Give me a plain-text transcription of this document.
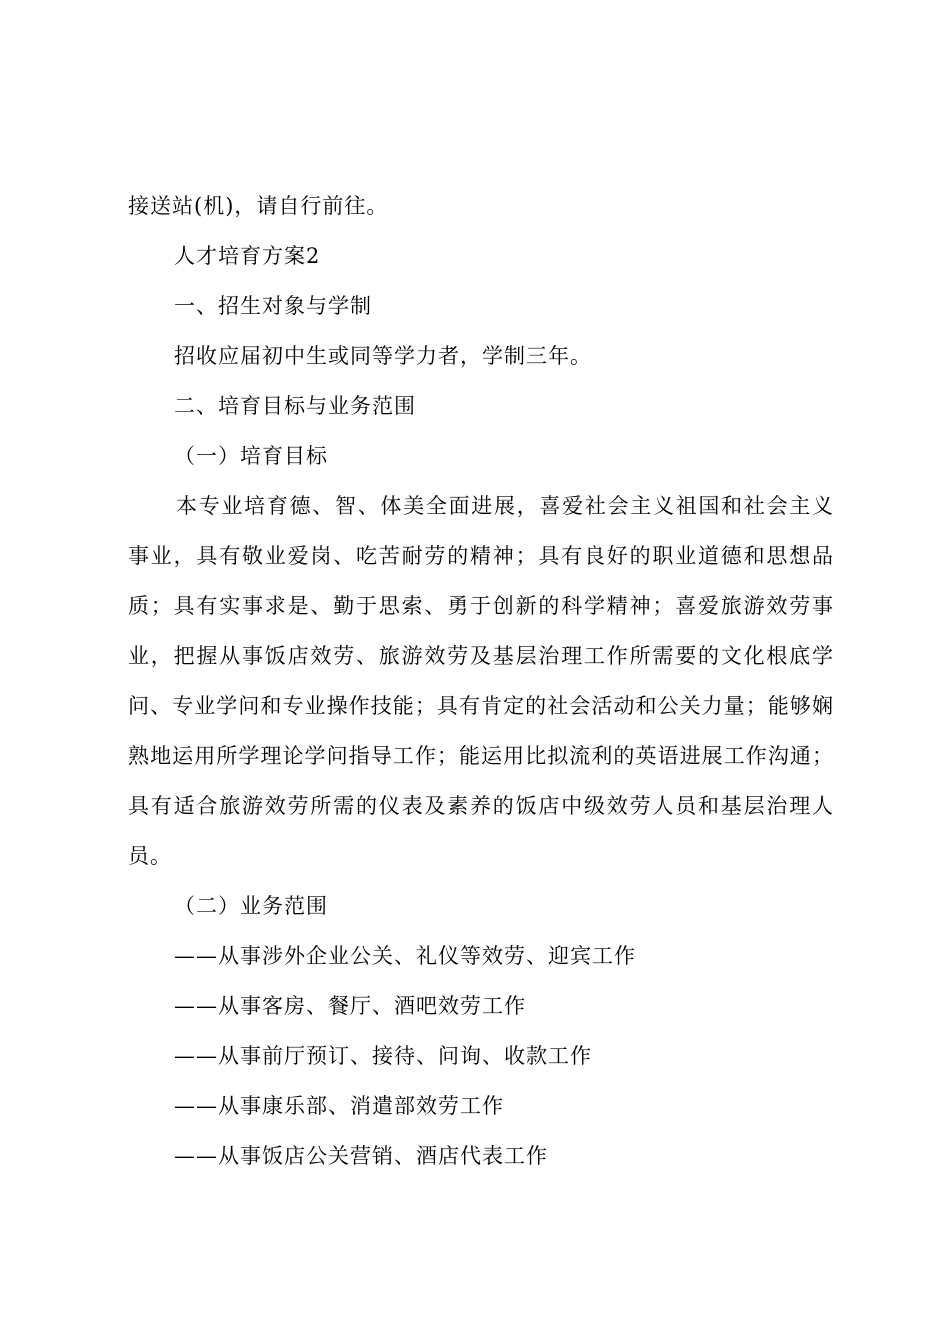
接送站(机)，请自行前往。
人才培育方案2
一、招生对象与学制
招收应届初中生或同等学力者，学制三年。
二、培育目标与业务范围
（一）培育目标
本专业培育德、智、体美全面进展，喜爱社会主义祖国和社会主义事业，具有敬业爱岗、吃苦耐劳的精神；具有良好的职业道德和思想品质；具有实事求是、勤于思索、勇于创新的科学精神；喜爱旅游效劳事业，把握从事饭店效劳、旅游效劳及基层治理工作所需要的文化根底学问、专业学问和专业操作技能；具有肯定的社会活动和公关力量；能够娴熟地运用所学理论学问指导工作；能运用比拟流利的英语进展工作沟通；具有适合旅游效劳所需的仪表及素养的饭店中级效劳人员和基层治理人员。
（二）业务范围
——从事涉外企业公关、礼仪等效劳、迎宾工作
——从事客房、餐厅、酒吧效劳工作
——从事前厅预订、接待、问询、收款工作
——从事康乐部、消遣部效劳工作
——从事饭店公关营销、酒店代表工作
